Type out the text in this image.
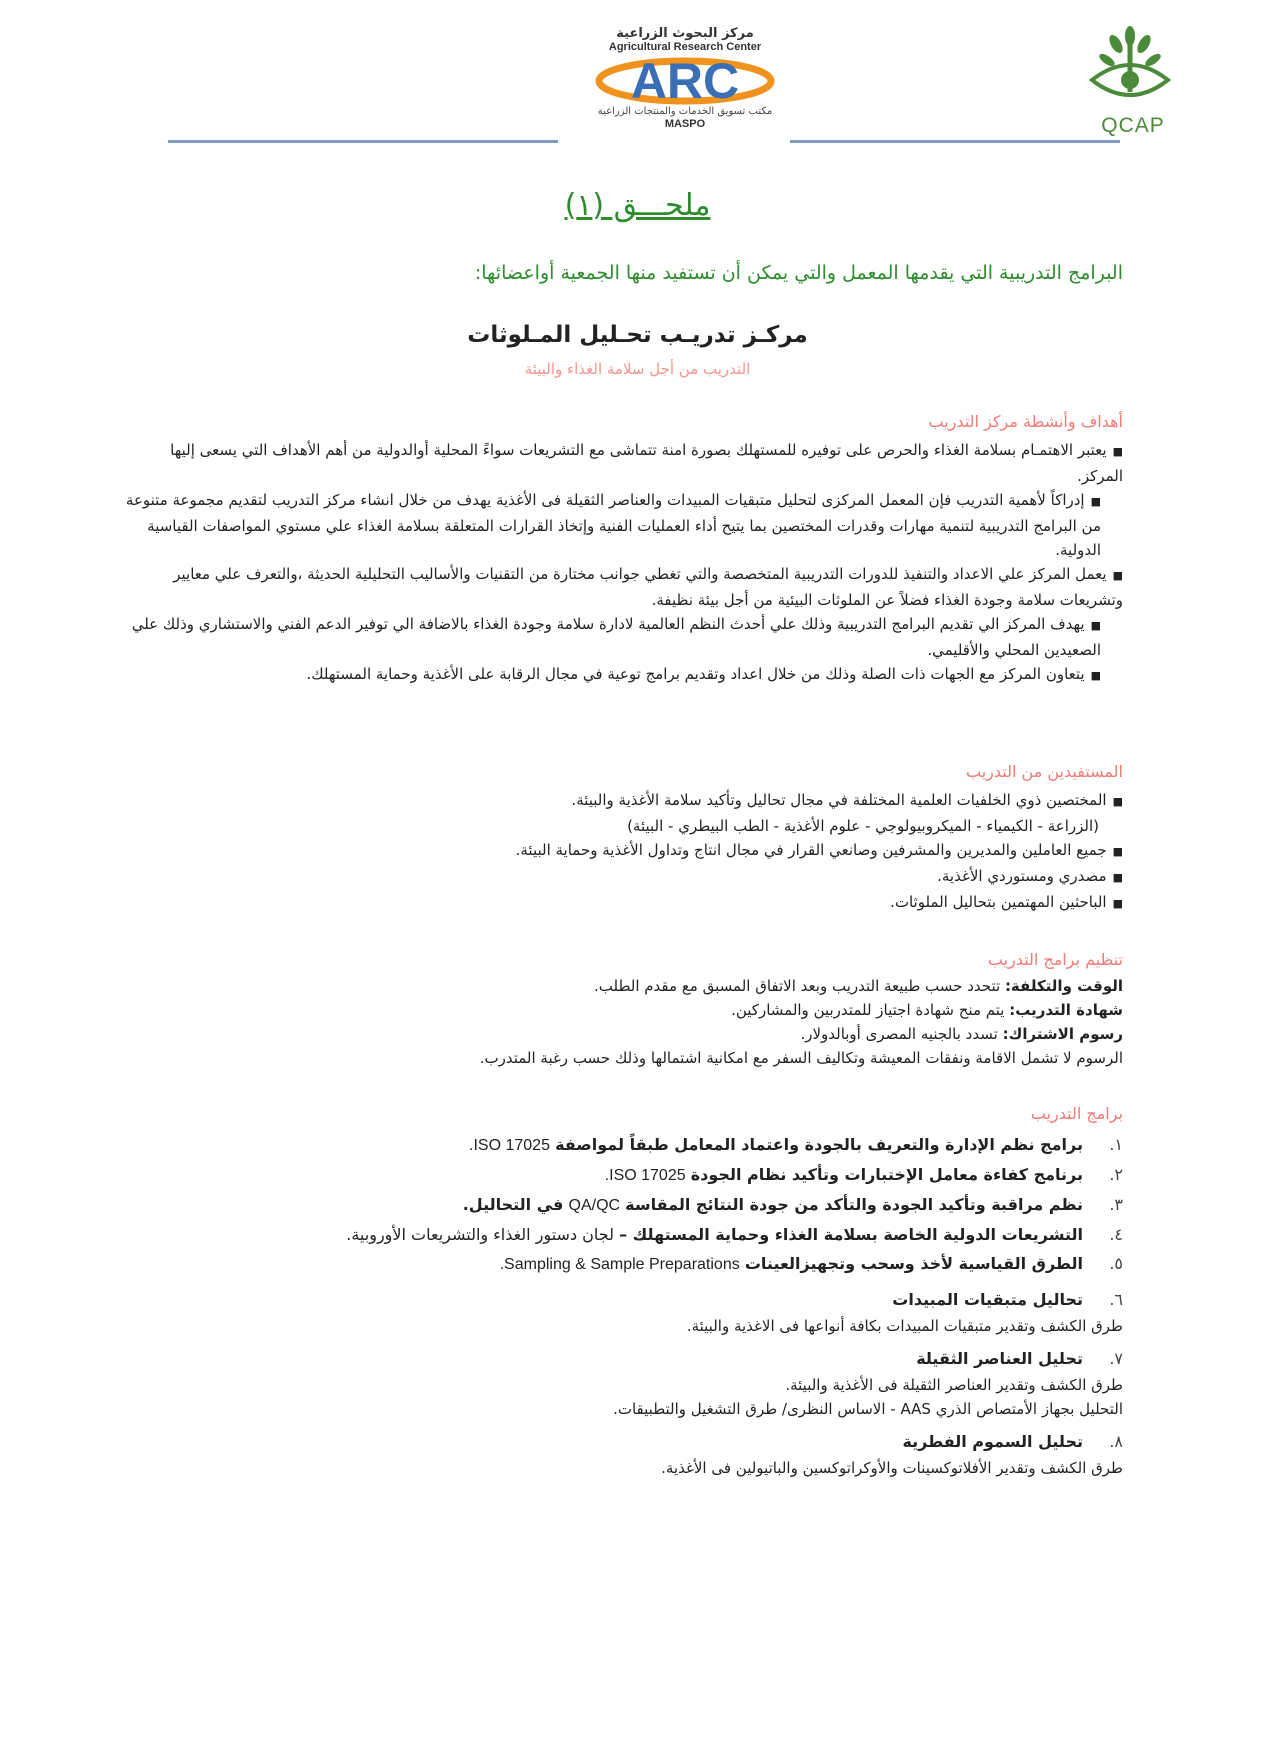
QCAP
مركز البحوث الزراعية
Agricultural Research Center
ARC
مكتب تسويق الخدمات والمنتجات الزراعية
MASPO
ملحـــق (١)
البرامج التدريبية التي يقدمها المعمل والتي يمكن أن تستفيد منها الجمعية أواعضائها:
مركـز تدريـب تحـليل المـلوثات
التدريب من أجل سلامة الغذاء والبيئة
أهداف وأنشطة مركز التدريب
■يعتبر الاهتمـام بسلامة الغذاء والحرص على توفيره للمستهلك بصورة امنة تتماشى مع التشريعات سواءً المحلية أوالدولية من أهم الأهداف التي يسعى إليها المركز.
■إدراكاً لأهمية التدريب فإن المعمل المركزى لتحليل متبقيات المبيدات والعناصر الثقيلة فى الأغذية يهدف من خلال انشاء مركز التدريب لتقديم مجموعة متنوعة من البرامج التدريبية لتنمية مهارات وقدرات المختصين بما يتيح أداء العمليات الفنية وإتخاذ القرارات المتعلقة بسلامة الغذاء علي مستوي المواصفات القياسية الدولية.
■يعمل المركز علي الاعداد والتنفيذ للدورات التدريبية المتخصصة والتي تغطي جوانب مختارة من التقنيات والأساليب التحليلية الحديثة ،والتعرف علي معايير وتشريعات سلامة وجودة الغذاء فضلاً عن الملوثات البيئية من أجل بيئة نظيفة.
■يهدف المركز الي تقديم البرامج التدريبية وذلك علي أحدث النظم العالمية لادارة سلامة وجودة الغذاء بالاضافة الي توفير الدعم الفني والاستشاري وذلك علي الصعيدين المحلي والأقليمي.
■يتعاون المركز مع الجهات ذات الصلة وذلك من خلال اعداد وتقديم برامج توعية في مجال الرقابة على الأغذية وحماية المستهلك.
المستفيدين من التدريب
■المختصين ذوي الخلفيات العلمية المختلفة في مجال تحاليل وتأكيد سلامة الأغذية والبيئة.
(الزراعة - الكيمياء - الميكروبيولوجي - علوم الأغذية - الطب البيطري - البيئة)
■جميع العاملين والمديرين والمشرفين وصانعي القرار في مجال انتاج وتداول الأغذية وحماية البيئة.
■مصدري ومستوردي الأغذية.
■الباحثين المهتمين بتحاليل الملوثات.
تنظيم برامج التدريب
الوقت والتكلفة: تتحدد حسب طبيعة التدريب وبعد الاتفاق المسبق مع مقدم الطلب.
شهادة التدريب: يتم منح شهادة اجتياز للمتدربين والمشاركين.
رسوم الاشتراك: تسدد بالجنيه المصرى أوبالدولار.
الرسوم لا تشمل الاقامة ونفقات المعيشة وتكاليف السفر مع امكانية اشتمالها وذلك حسب رغبة المتدرب.
برامج التدريب
١.برامج نظم الإدارة والتعريف بالجودة واعتماد المعامل طبقاً لمواصفة ISO 17025.
٢.برنامج كفاءة معامل الإختبارات وتأكيد نظام الجودة ISO 17025.
٣.نظم مراقبة وتأكيد الجودة والتأكد من جودة النتائج المقاسة QA/QC في التحاليل.
٤.التشريعات الدولية الخاصة بسلامة الغذاء وحماية المستهلك – لجان دستور الغذاء والتشريعات الأوروبية.
٥.الطرق القياسية لأخذ وسحب وتجهيزالعينات Sampling & Sample Preparations.
٦.تحاليل متبقيات المبيدات
طرق الكشف وتقدير متبقيات المبيدات بكافة أنواعها فى الاغذية والبيئة.
٧.تحليل العناصر الثقيلة
طرق الكشف وتقدير العناصر الثقيلة فى الأغذية والبيئة.
التحليل بجهاز الأمتصاص الذري AAS - الاساس النظرى/ طرق التشغيل والتطبيقات.
٨.تحليل السموم الفطرية
طرق الكشف وتقدير الأفلاتوكسينات والأوكراتوكسين والباتيولين فى الأغذية.
